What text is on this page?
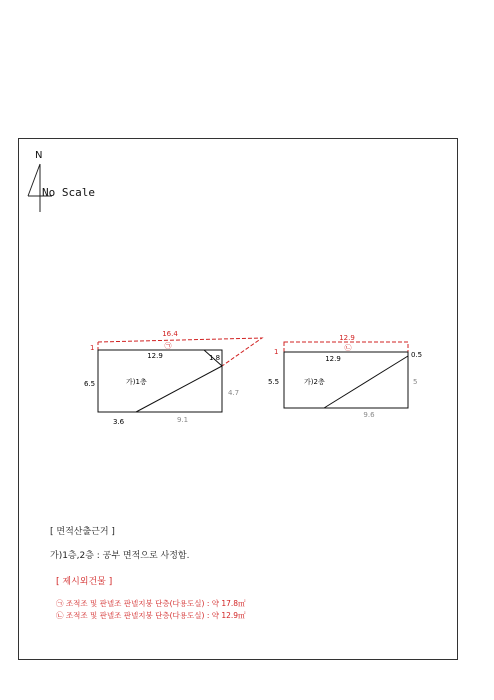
16.4
㉠
1
12.9	1.8
6.5	가)1층
4.7
3.6	9.1
12.9
㉡
1
12.9	0.5
5.5	가)2층	5
9.6
N
No Scale
[ 면적산출근거 ]
가)1층,2층 : 공부 면적으로 사정함.
[ 제시외건물 ]
㉠ 조적조 및 판넬조 판넬지붕 단층(다용도실) : 약 17.8㎡
㉡ 조적조 및 판넬조 판넬지붕 단층(다용도실) : 약 12.9㎡
